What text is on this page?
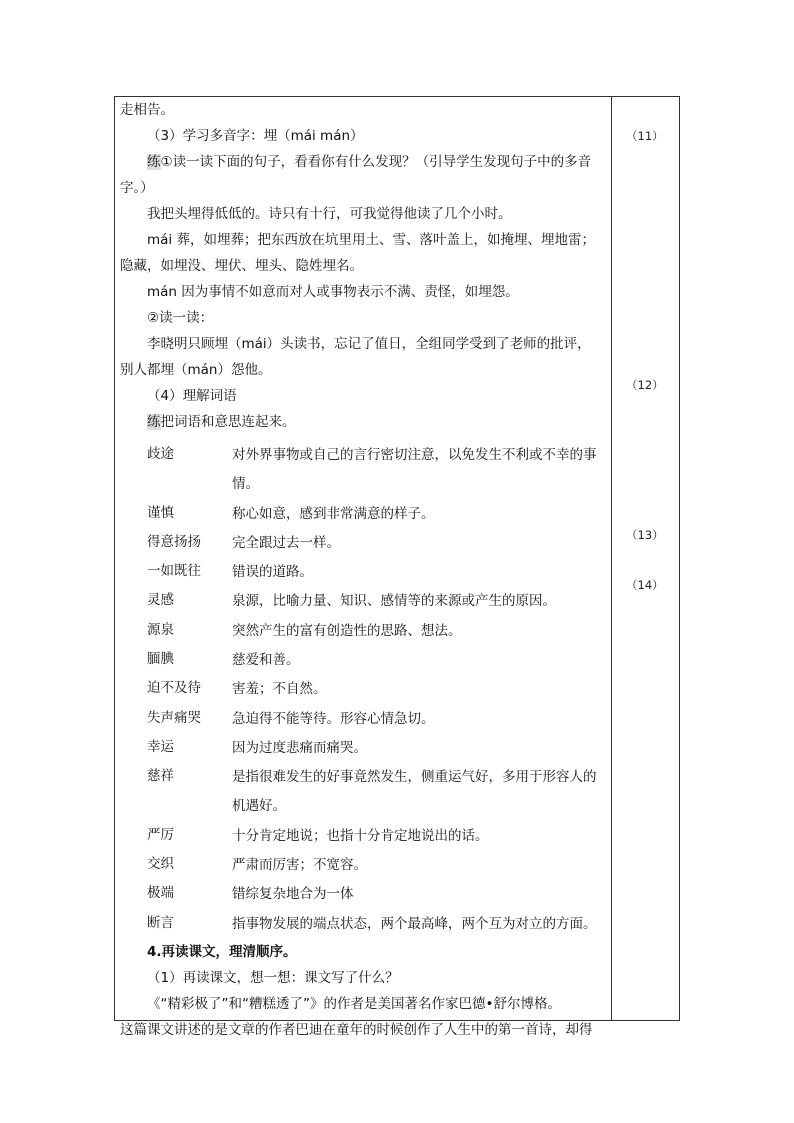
走相告。
（3）学习多音字：埋（mái mán）
练①读一读下面的句子，看看你有什么发现？（引导学生发现句子中的多音
字。）
我把头埋得低低的。诗只有十行，可我觉得他读了几个小时。
mái 葬，如埋葬；把东西放在坑里用土、雪、落叶盖上，如掩埋、埋地雷；
隐藏，如埋没、埋伏、埋头、隐姓埋名。
mán 因为事情不如意而对人或事物表示不满、责怪，如埋怨。
②读一读：
李晓明只顾埋（mái）头读书，忘记了值日，全组同学受到了老师的批评，
别人都埋（mán）怨他。
（4）理解词语
练把词语和意思连起来。
歧途	对外界事物或自己的言行密切注意，以免发生不利或不幸的事情。
谨慎	称心如意，感到非常满意的样子。
得意扬扬 完全跟过去一样。
一如既往 错误的道路。
灵感	泉源，比喻力量、知识、感情等的来源或产生的原因。
源泉	突然产生的富有创造性的思路、想法。
腼腆	慈爱和善。
迫不及待 害羞；不自然。
失声痛哭 急迫得不能等待。形容心情急切。
幸运	因为过度悲痛而痛哭。
慈祥	是指很难发生的好事竟然发生，侧重运气好，多用于形容人的机遇好。
严厉	十分肯定地说；也指十分肯定地说出的话。
交织	严肃而厉害；不宽容。
极端	错综复杂地合为一体
断言	指事物发展的端点状态，两个最高峰，两个互为对立的方面。
4.再读课文，理清顺序。
（1）再读课文，想一想：课文写了什么？
《“精彩极了”和“糟糕透了”》的作者是美国著名作家巴德•舒尔博格。
这篇课文讲述的是文章的作者巴迪在童年的时候创作了人生中的第一首诗，却得
（11）
（12）
（13）
（14）
